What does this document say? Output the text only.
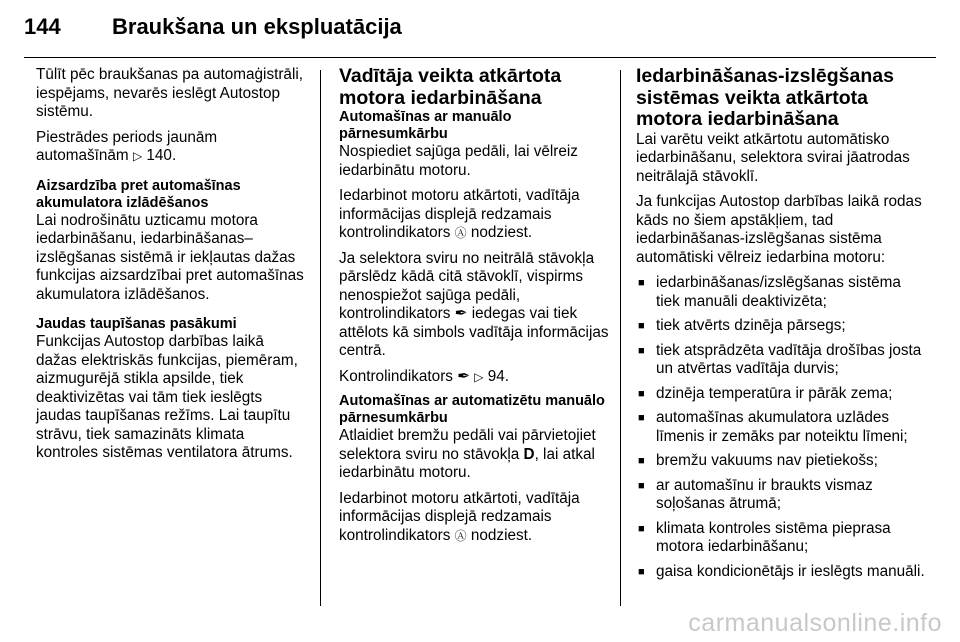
144	Braukšana un ekspluatācija

Tūlīt pēc braukšanas pa automaģistrāli, iespējams, nevarēs ieslēgt Autostop sistēmu.

Piestrādes periods jaunām automašīnām ▷ 140.

Aizsardzība pret automašīnas akumulatora izlādēšanos

Lai nodrošinātu uzticamu motora iedarbināšanu, iedarbināšanas–izslēgšanas sistēmā ir iekļautas dažas funkcijas aizsardzībai pret automašīnas akumulatora izlādēšanos.

Jaudas taupīšanas pasākumi

Funkcijas Autostop darbības laikā dažas elektriskās funkcijas, piemēram, aizmugurējā stikla apsilde, tiek deaktivizētas vai tām tiek ieslēgts jaudas taupīšanas režīms. Lai taupītu strāvu, tiek samazināts klimata kontroles sistēmas ventilatora ātrums.

Vadītāja veikta atkārtota motora iedarbināšana
Automašīnas ar manuālo pārnesumkārbu

Nospiediet sajūga pedāli, lai vēlreiz iedarbinātu motoru.

Iedarbinot motoru atkārtoti, vadītāja informācijas displejā redzamais kontrolindikators Ⓐ nodziest.

Ja selektora sviru no neitrālā stāvokļa pārslēdz kādā citā stāvoklī, vispirms nenospiežot sajūga pedāli, kontrolindikators ✒ iedegas vai tiek attēlots kā simbols vadītāja informācijas centrā.

Kontrolindikators ✒ ▷ 94.

Automašīnas ar automatizētu manuālo pārnesumkārbu

Atlaidiet bremžu pedāli vai pārvietojiet selektora sviru no stāvokļa D, lai atkal iedarbinātu motoru.

Iedarbinot motoru atkārtoti, vadītāja informācijas displejā redzamais kontrolindikators Ⓐ nodziest.

Iedarbināšanas-izslēgšanas sistēmas veikta atkārtota motora iedarbināšana

Lai varētu veikt atkārtotu automātisko iedarbināšanu, selektora svirai jāatrodas neitrālajā stāvoklī.

Ja funkcijas Autostop darbības laikā rodas kāds no šiem apstākļiem, tad iedarbināšanas-izslēgšanas sistēma automātiski vēlreiz iedarbina motoru:

■ iedarbināšanas/izslēgšanas sistēma tiek manuāli deaktivizēta;
■ tiek atvērts dzinēja pārsegs;
■ tiek atsprādzēta vadītāja drošības josta un atvērtas vadītāja durvis;
■ dzinēja temperatūra ir pārāk zema;
■ automašīnas akumulatora uzlādes līmenis ir zemāks par noteiktu līmeni;
■ bremžu vakuums nav pietiekošs;
■ ar automašīnu ir braukts vismaz soļošanas ātrumā;
■ klimata kontroles sistēma pieprasa motora iedarbināšanu;
■ gaisa kondicionētājs ir ieslēgts manuāli.
carmanualsonline.info
